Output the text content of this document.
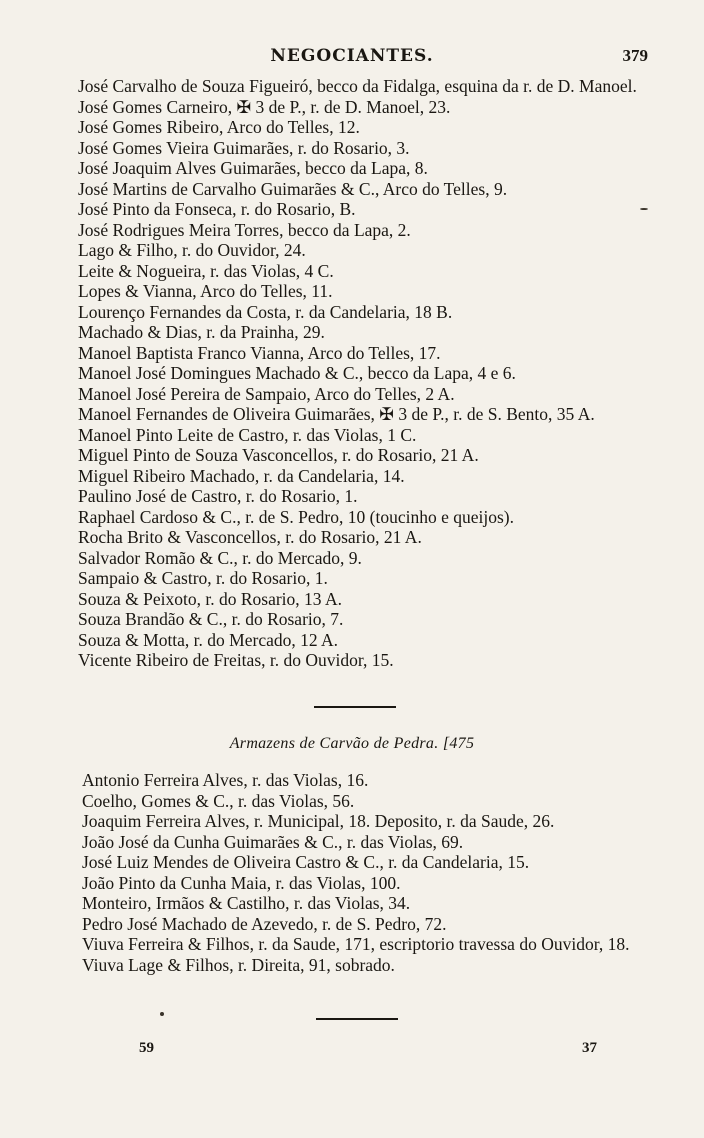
NEGOCIANTES.	379
José Carvalho de Souza Figueiró, becco da Fidalga, esquina da r. de D. Manoel.
José Gomes Carneiro, ✠ 3 de P., r. de D. Manoel, 23.
José Gomes Ribeiro, Arco do Telles, 12.
José Gomes Vieira Guimarães, r. do Rosario, 3.
José Joaquim Alves Guimarães, becco da Lapa, 8.
José Martins de Carvalho Guimarães & C., Arco do Telles, 9.
José Pinto da Fonseca, r. do Rosario, B.
José Rodrigues Meira Torres, becco da Lapa, 2.
Lago & Filho, r. do Ouvidor, 24.
Leite & Nogueira, r. das Violas, 4 C.
Lopes & Vianna, Arco do Telles, 11.
Lourenço Fernandes da Costa, r. da Candelaria, 18 B.
Machado & Dias, r. da Prainha, 29.
Manoel Baptista Franco Vianna, Arco do Telles, 17.
Manoel José Domingues Machado & C., becco da Lapa, 4 e 6.
Manoel José Pereira de Sampaio, Arco do Telles, 2 A.
Manoel Fernandes de Oliveira Guimarães, ✠ 3 de P., r. de S. Bento, 35 A.
Manoel Pinto Leite de Castro, r. das Violas, 1 C.
Miguel Pinto de Souza Vasconcellos, r. do Rosario, 21 A.
Miguel Ribeiro Machado, r. da Candelaria, 14.
Paulino José de Castro, r. do Rosario, 1.
Raphael Cardoso & C., r. de S. Pedro, 10 (toucinho e queijos).
Rocha Brito & Vasconcellos, r. do Rosario, 21 A.
Salvador Romão & C., r. do Mercado, 9.
Sampaio & Castro, r. do Rosario, 1.
Souza & Peixoto, r. do Rosario, 13 A.
Souza Brandão & C., r. do Rosario, 7.
Souza & Motta, r. do Mercado, 12 A.
Vicente Ribeiro de Freitas, r. do Ouvidor, 15.
Armazens de Carvão de Pedra. [475
Antonio Ferreira Alves, r. das Violas, 16.
Coelho, Gomes & C., r. das Violas, 56.
Joaquim Ferreira Alves, r. Municipal, 18. Deposito, r. da Saude, 26.
João José da Cunha Guimarães & C., r. das Violas, 69.
José Luiz Mendes de Oliveira Castro & C., r. da Candelaria, 15.
João Pinto da Cunha Maia, r. das Violas, 100.
Monteiro, Irmãos & Castilho, r. das Violas, 34.
Pedro José Machado de Azevedo, r. de S. Pedro, 72.
Viuva Ferreira & Filhos, r. da Saude, 171, escriptorio travessa do Ouvidor, 18.
Viuva Lage & Filhos, r. Direita, 91, sobrado.
59	37
